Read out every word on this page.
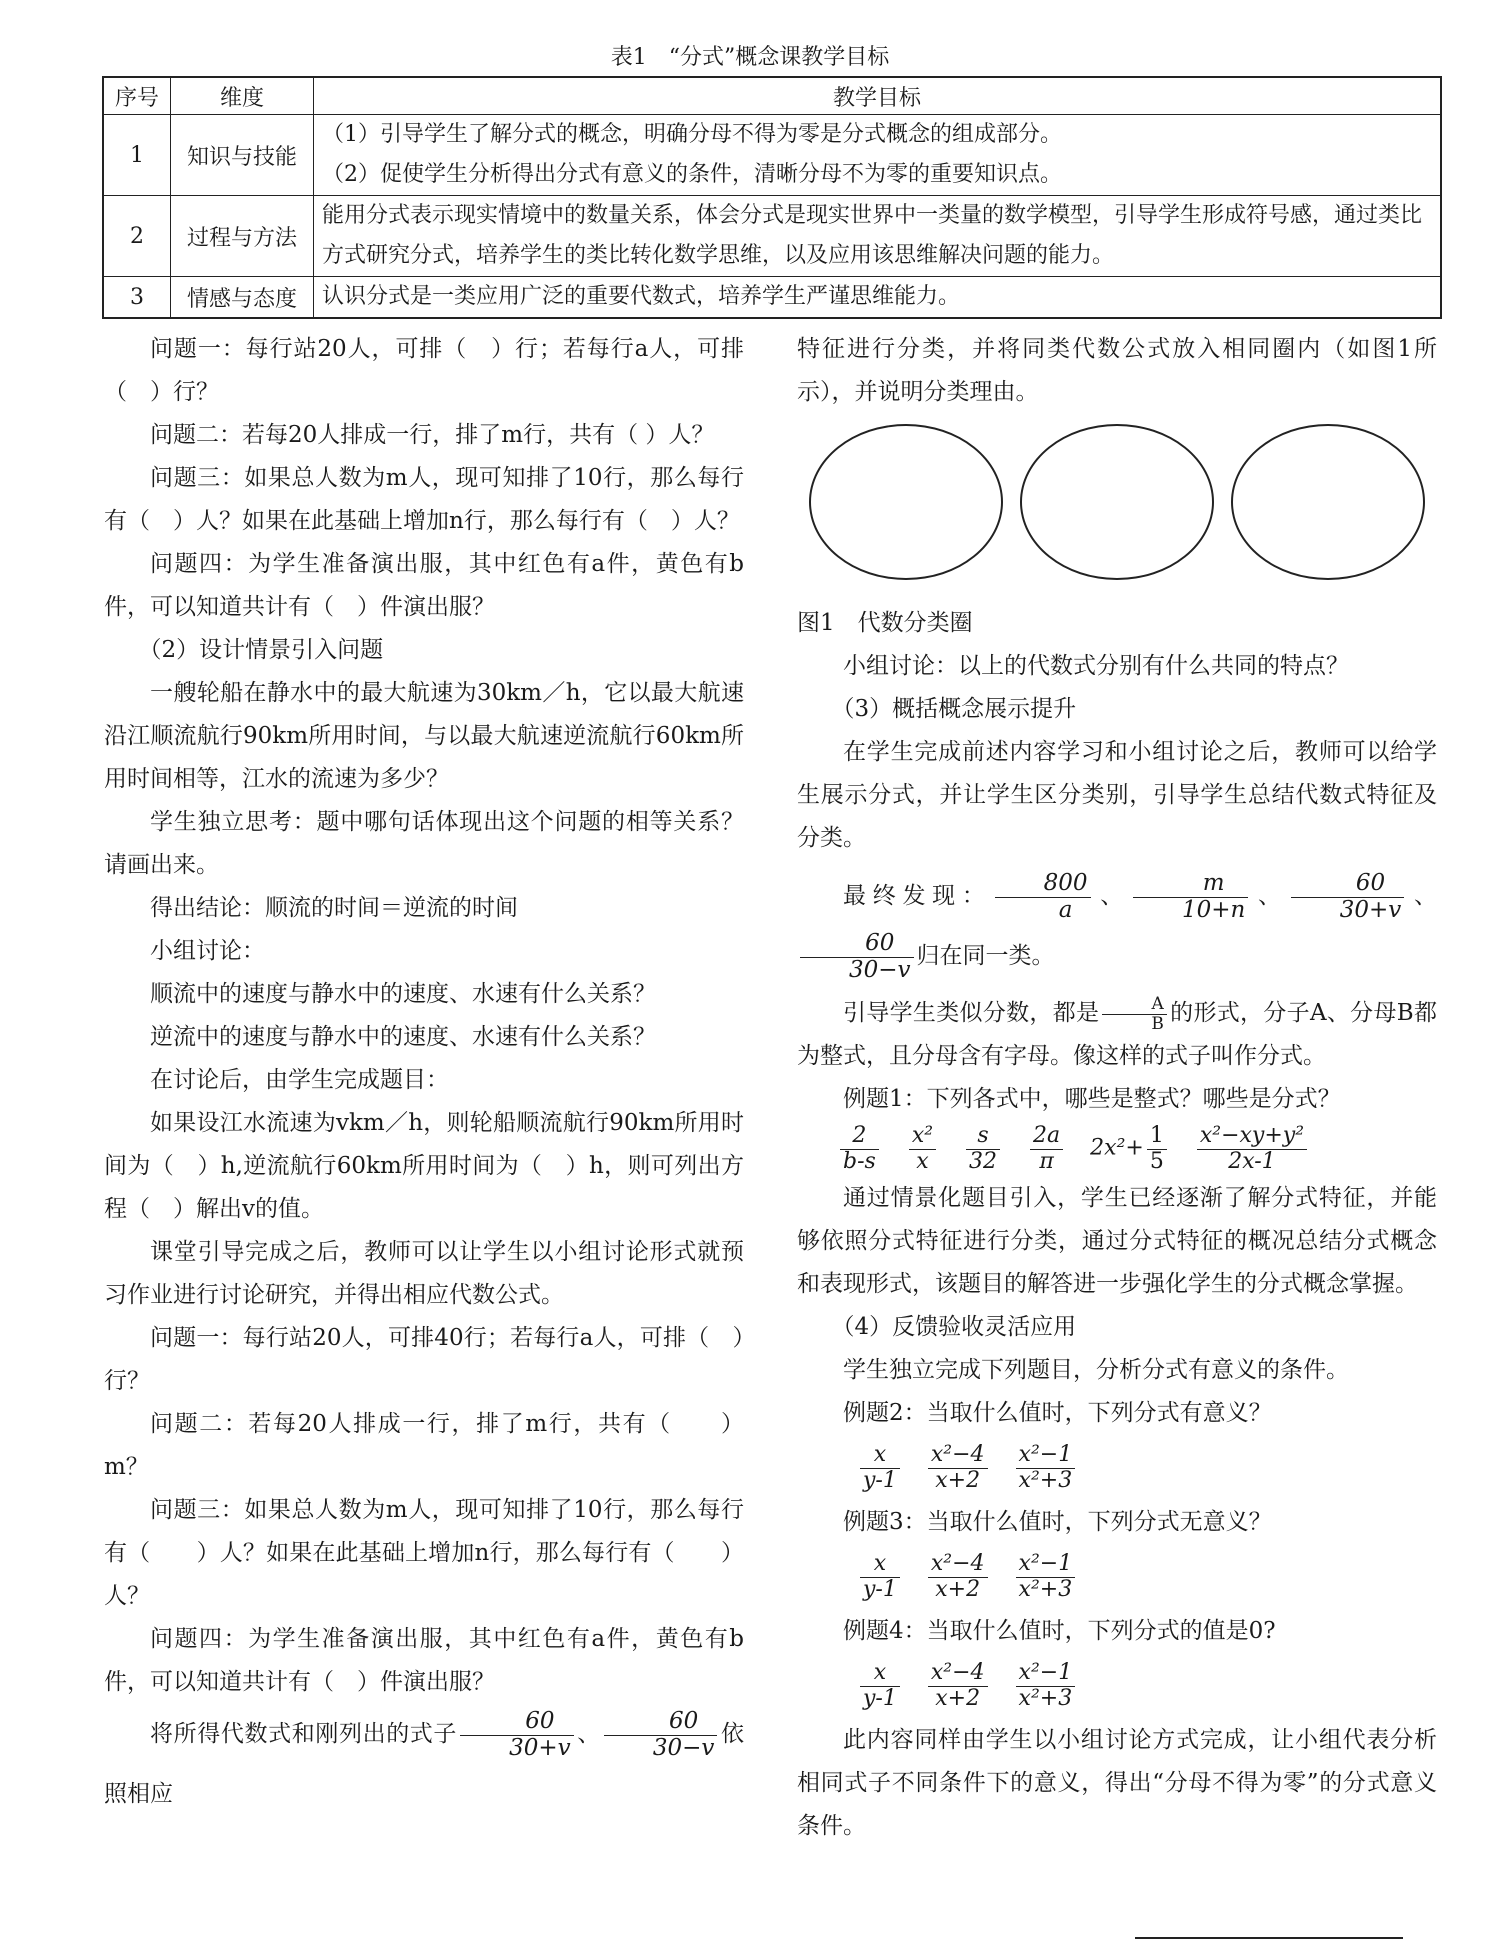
表1　“分式”概念课教学目标
序号	维度	教学目标
1	知识与技能	（1）引导学生了解分式的概念，明确分母不得为零是分式概念的组成部分。
（2）促使学生分析得出分式有意义的条件，清晰分母不为零的重要知识点。

2	过程与方法	能用分式表示现实情境中的数量关系，体会分式是现实世界中一类量的数学模型，引导学生形成符号感，通过类比方式研究分式，培养学生的类比转化数学思维，以及应用该思维解决问题的能力。

3	情感与态度	认识分式是一类应用广泛的重要代数式，培养学生严谨思维能力。

问题一：每行站20人，可排（　）行；若每行a人，可排（　）行？

问题二：若每20人排成一行，排了m行，共有（ ）人？

问题三：如果总人数为m人，现可知排了10行，那么每行有（　）人？如果在此基础上增加n行，那么每行有（　）人？

问题四：为学生准备演出服，其中红色有a件，黄色有b件，可以知道共计有（　）件演出服？

（2）设计情景引入问题

一艘轮船在静水中的最大航速为30km／h，它以最大航速沿江顺流航行90km所用时间，与以最大航速逆流航行60km所用时间相等，江水的流速为多少？

学生独立思考：题中哪句话体现出这个问题的相等关系？请画出来。

得出结论：顺流的时间＝逆流的时间

小组讨论：

顺流中的速度与静水中的速度、水速有什么关系？

逆流中的速度与静水中的速度、水速有什么关系？

在讨论后，由学生完成题目：

如果设江水流速为vkm／h，则轮船顺流航行90km所用时间为（　）h,逆流航行60km所用时间为（　）h，则可列出方程（　）解出v的值。

课堂引导完成之后，教师可以让学生以小组讨论形式就预习作业进行讨论研究，并得出相应代数公式。

问题一：每行站20人，可排40行；若每行a人，可排（　）行？

问题二：若每20人排成一行，排了m行，共有（　　）m？

问题三：如果总人数为m人，现可知排了10行，那么每行有（　　）人？如果在此基础上增加n行，那么每行有（　　）人？

问题四：为学生准备演出服，其中红色有a件，黄色有b件，可以知道共计有（　）件演出服？

将所得代数式和刚列出的式子 $\frac{60}{30+v}$ 、 $\frac{60}{30-v}$ 依照相应

特征进行分类，并将同类代数公式放入相同圈内（如图1所示），并说明分类理由。

图1　代数分类圈

小组讨论：以上的代数式分别有什么共同的特点？

（3）概括概念展示提升

在学生完成前述内容学习和小组讨论之后，教师可以给学生展示分式，并让学生区分类别，引导学生总结代数式特征及分类。

最终发现： $\frac{800}{a}$ 、 $\frac{m}{10+n}$ 、 $\frac{60}{30+v}$ 、
$\frac{60}{30-v}$ 归在同一类。

引导学生类似分数，都是 $\frac{A}{B}$ 的形式，分子A、分母B都为整式，且分母含有字母。像这样的式子叫作分式。

例题1：下列各式中，哪些是整式？哪些是分式？

$\frac{2}{b-s} \frac{\text{x²}}{x} \frac{s}{32} \frac{2a}{\pi} 2x^2+ \frac{1}{5} \frac{\text{x²−xy+y²}}{2x-1}$

通过情景化题目引入，学生已经逐渐了解分式特征，并能够依照分式特征进行分类，通过分式特征的概况总结分式概念和表现形式，该题目的解答进一步强化学生的分式概念掌握。

（4）反馈验收灵活应用

学生独立完成下列题目，分析分式有意义的条件。

例题2：当取什么值时，下列分式有意义？

$\frac{x}{y-1} \frac{\text{x²−4}}{x+2} \frac{\text{x²−1}}{\text{x²+3}}$

例题3：当取什么值时，下列分式无意义？

$\frac{x}{y-1} \frac{\text{x²−4}}{x+2} \frac{\text{x²−1}}{\text{x²+3}}$

例题4：当取什么值时，下列分式的值是0?

$\frac{x}{y-1} \frac{\text{x²−4}}{x+2} \frac{\text{x²−1}}{\text{x²+3}}$

此内容同样由学生以小组讨论方式完成，让小组代表分析相同式子不同条件下的意义，得出“分母不得为零”的分式意义条件。
